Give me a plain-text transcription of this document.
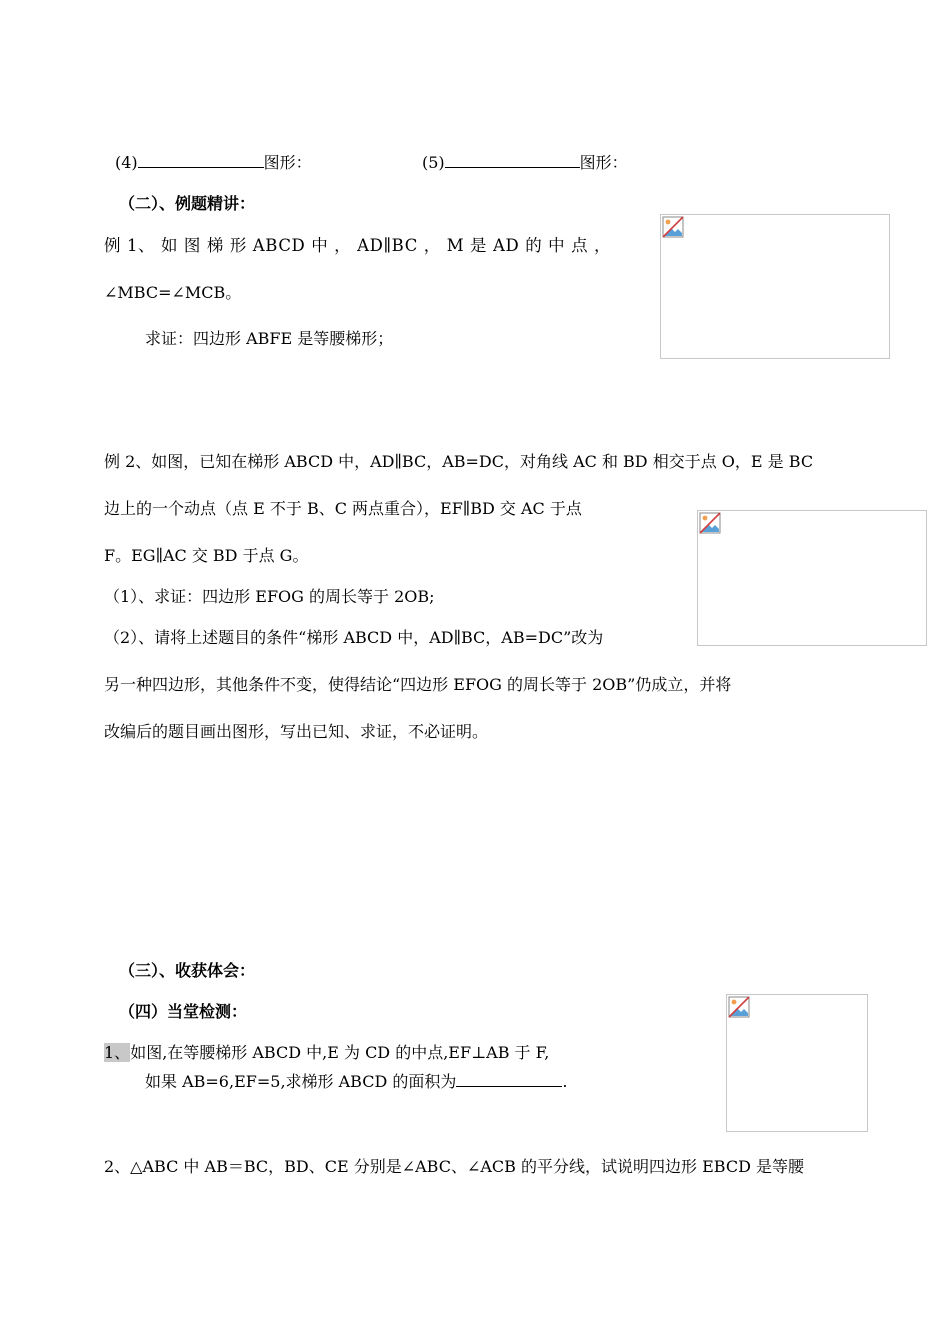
(4)	图形：	(5)	图形：
（二）、例题精讲：
例 1、 如 图 梯 形 ABCD 中 ， AD∥BC ， M 是 AD 的 中 点 ，
∠MBC=∠MCB。
求证：四边形 ABFE 是等腰梯形；
例 2、如图，已知在梯形 ABCD 中，AD∥BC，AB=DC，对角线 AC 和 BD 相交于点 O，E 是 BC
边上的一个动点（点 E 不于 B、C 两点重合），EF∥BD 交 AC 于点
F。EG∥AC 交 BD 于点 G。
（1）、求证：四边形 EFOG 的周长等于 2OB;
（2）、请将上述题目的条件“梯形 ABCD 中，AD∥BC，AB=DC”改为
另一种四边形，其他条件不变，使得结论“四边形 EFOG 的周长等于 2OB”仍成立，并将
改编后的题目画出图形，写出已知、求证，不必证明。
（三）、收获体会：
（四）当堂检测：
1、如图,在等腰梯形 ABCD 中,E 为 CD 的中点,EF⊥AB 于 F,
如果 AB=6,EF=5,求梯形 ABCD 的面积为	.
2、△ABC 中 AB＝BC，BD、CE 分别是∠ABC、∠ACB 的平分线，试说明四边形 EBCD 是等腰
